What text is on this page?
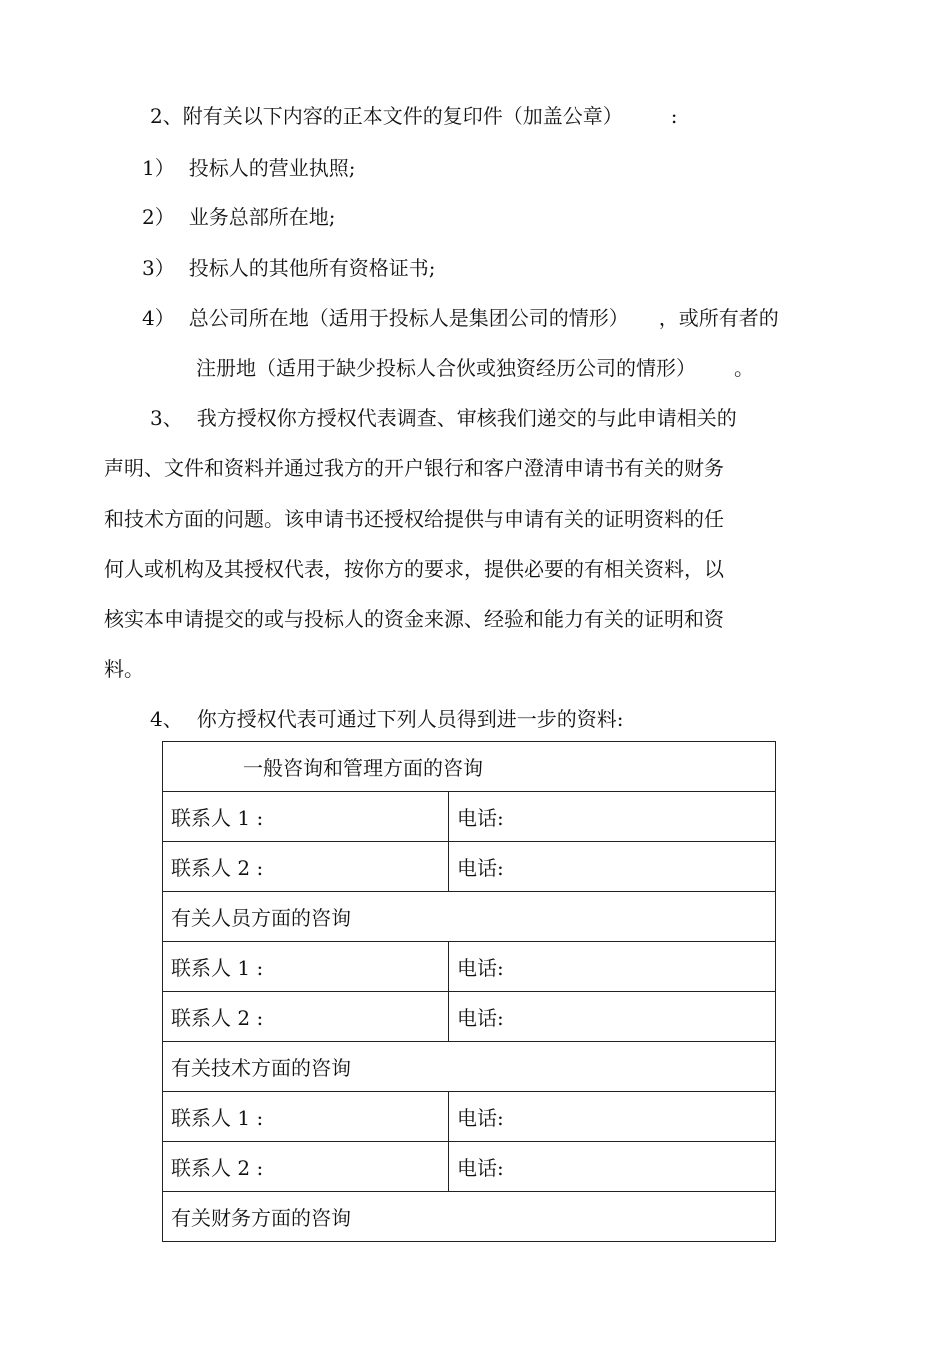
2、附有关以下内容的正本文件的复印件（加盖公章） :
1） 投标人的营业执照;
2） 业务总部所在地;
3） 投标人的其他所有资格证书;
4） 总公司所在地（适用于投标人是集团公司的情形） ，或所有者的
注册地（适用于缺少投标人合伙或独资经历公司的情形） 。
3、 我方授权你方授权代表调查、审核我们递交的与此申请相关的
声明、文件和资料并通过我方的开户银行和客户澄清申请书有关的财务
和技术方面的问题。该申请书还授权给提供与申请有关的证明资料的任
何人或机构及其授权代表，按你方的要求，提供必要的有相关资料，以
核实本申请提交的或与投标人的资金来源、经验和能力有关的证明和资
料。
4、 你方授权代表可通过下列人员得到进一步的资料:
一般咨询和管理方面的咨询	
联系人 1 :	电话:
联系人 2 :	电话:
有关人员方面的咨询	
联系人 1 :	电话:
联系人 2 :	电话:
有关技术方面的咨询	
联系人 1 :	电话:
联系人 2 :	电话:
有关财务方面的咨询	
